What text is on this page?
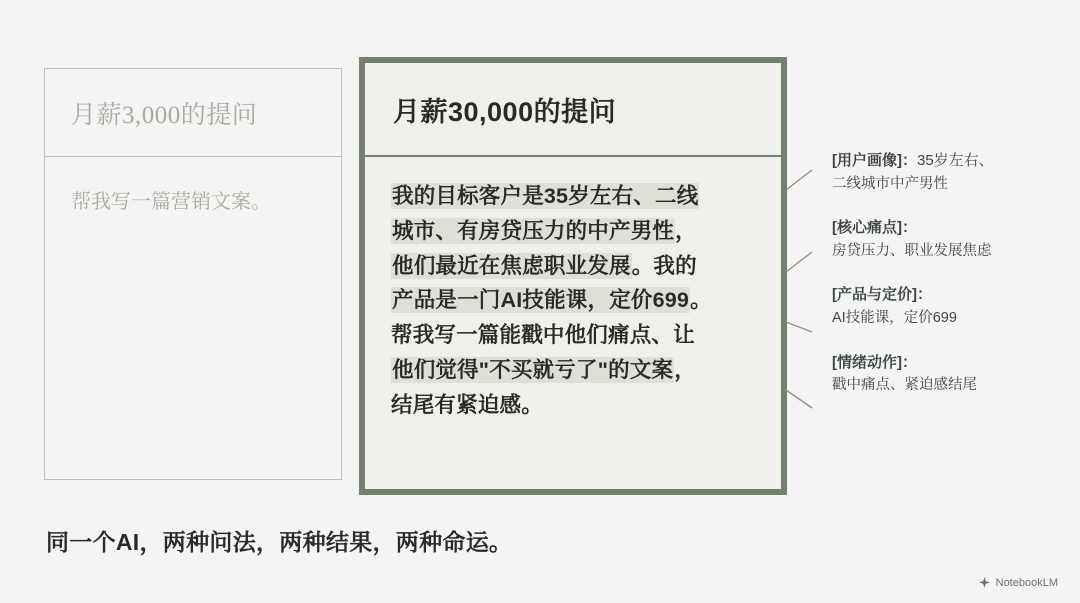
月薪3,000的提问
帮我写一篇营销文案。
月薪30,000的提问
我的目标客户是35岁左右、二线
城市、有房贷压力的中产男性，
他们最近在焦虑职业发展。我的
产品是一门AI技能课，定价699。
帮我写一篇能戳中他们痛点、让
他们觉得"不买就亏了"的文案，
结尾有紧迫感。
[用户画像]：35岁左右、
二线城市中产男性
[核心痛点]：
房贷压力、职业发展焦虑
[产品与定价]：
AI技能课，定价699
[情绪动作]：
戳中痛点、紧迫感结尾
同一个AI，两种问法，两种结果，两种命运。
NotebookLM
